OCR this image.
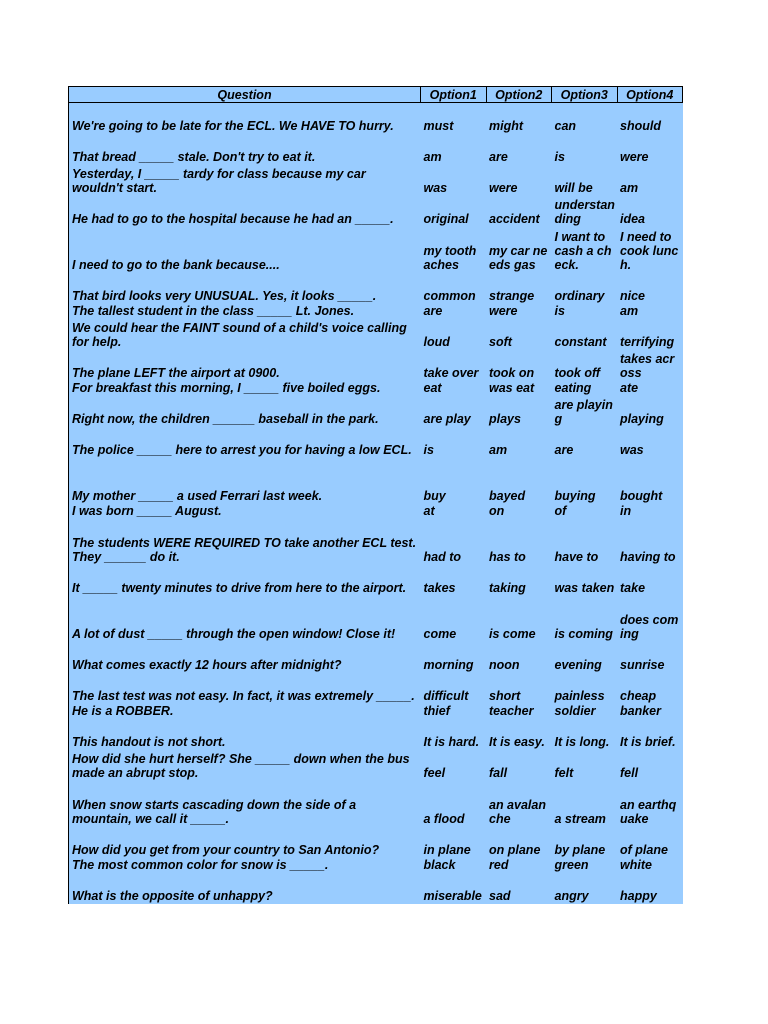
Question	Option1	Option2	Option3	Option4
We're going to be late for the ECL. We HAVE TO hurry.	must	might	can	should
That bread _____ stale. Don't try to eat it.	am	are	is	were
Yesterday, I _____ tardy for class because my car wouldn't start.	was	were	will be	am
He had to go to the hospital because he had an _____.	original	accident	understanding	idea
I need to go to the bank because....	my tooth aches	my car needs gas	I want to cash a check.	I need to cook lunch.
That bird looks very UNUSUAL. Yes, it looks _____.	common	strange	ordinary	nice
The tallest student in the class _____ Lt. Jones.	are	were	is	am
We could hear the FAINT sound of a child's voice calling for help.	loud	soft	constant	terrifying
The plane LEFT the airport at 0900.	take over	took on	took off	takes across
For breakfast this morning, I _____ five boiled eggs.	eat	was eat	eating	ate
Right now, the children ______ baseball in the park.	are play	plays	are playing	playing
The police _____ here to arrest you for having a low ECL.	is	am	are	was
My mother _____ a used Ferrari last week.	buy	bayed	buying	bought
I was born _____ August.	at	on	of	in
The students WERE REQUIRED TO take another ECL test. They ______ do it.	had to	has to	have to	having to
It _____ twenty minutes to drive from here to the airport.	takes	taking	was taken	take
A lot of dust _____ through the open window! Close it!	come	is come	is coming	does coming
What comes exactly 12 hours after midnight?	morning	noon	evening	sunrise
The last test was not easy. In fact, it was extremely _____.	difficult	short	painless	cheap
He is a ROBBER.	thief	teacher	soldier	banker
This handout is not short.	It is hard.	It is easy.	It is long.	It is brief.
How did she hurt herself? She _____ down when the bus made an abrupt stop.	feel	fall	felt	fell
When snow starts cascading down the side of a mountain, we call it _____.	a flood	an avalanche	a stream	an earthquake
How did you get from your country to San Antonio?	in plane	on plane	by plane	of plane
The most common color for snow is _____.	black	red	green	white
What is the opposite of unhappy?	miserable	sad	angry	happy
